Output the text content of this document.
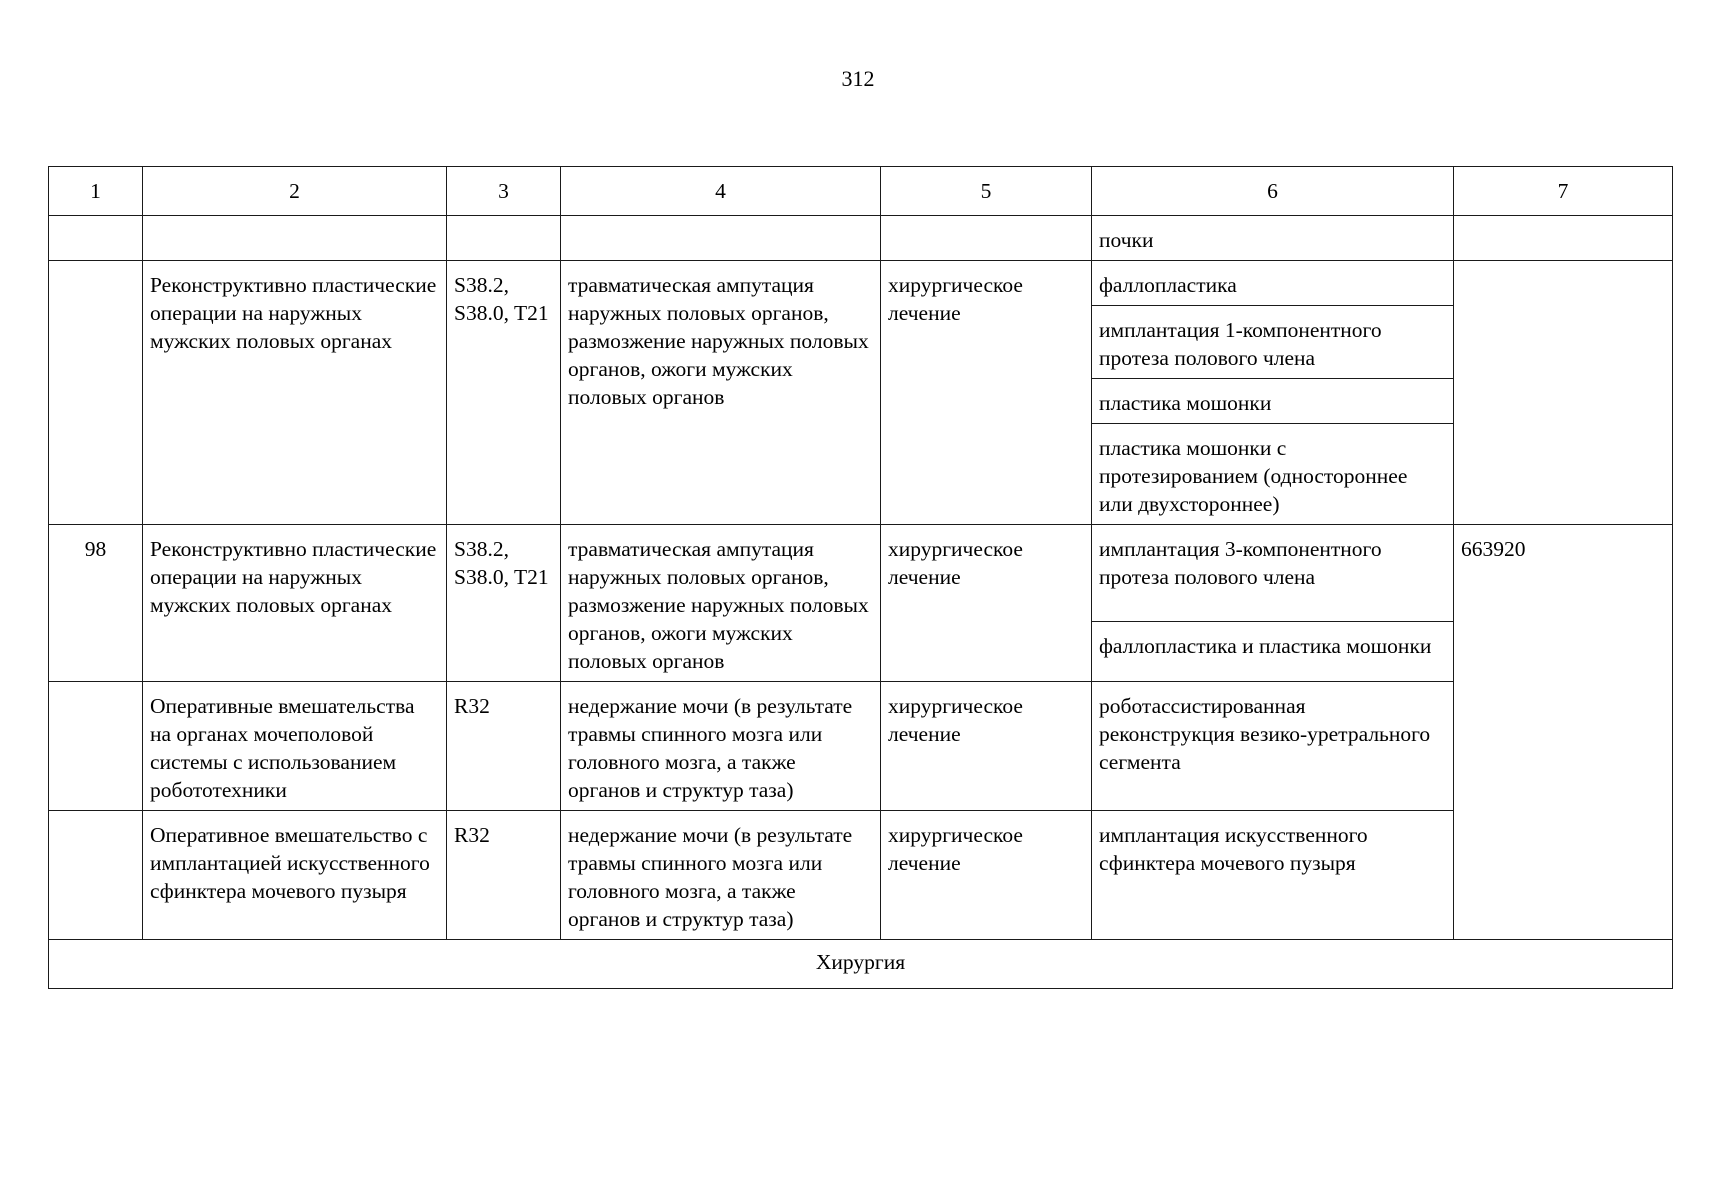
312
1	2	3	4	5	6	7
					почки	
	Реконструктивно пластические операции на наружных мужских половых органах	S38.2, S38.0, T21	травматическая ампутация наружных половых органов, размозжение наружных половых органов, ожоги мужских половых органов	хирургическое лечение	фаллопластика	
					имплантация 1-компонентного протеза полового члена	
					пластика мошонки	
					пластика мошонки с протезированием (одностороннее или двухстороннее)	
98	Реконструктивно пластические операции на наружных мужских половых органах	S38.2, S38.0, T21	травматическая ампутация наружных половых органов, размозжение наружных половых органов, ожоги мужских половых органов	хирургическое лечение	имплантация 3-компонентного протеза полового члена	663920
					фаллопластика и пластика мошонки	
	Оперативные вмешательства на органах мочеполовой системы с использованием робототехники	R32	недержание мочи (в результате травмы спинного мозга или головного мозга, а также органов и структур таза)	хирургическое лечение	роботассистированная реконструкция везико-уретрального сегмента	
	Оперативное вмешательство с имплантацией искусственного сфинктера мочевого пузыря	R32	недержание мочи (в результате травмы спинного мозга или головного мозга, а также органов и структур таза)	хирургическое лечение	имплантация искусственного сфинктера мочевого пузыря	
Хирургия						
